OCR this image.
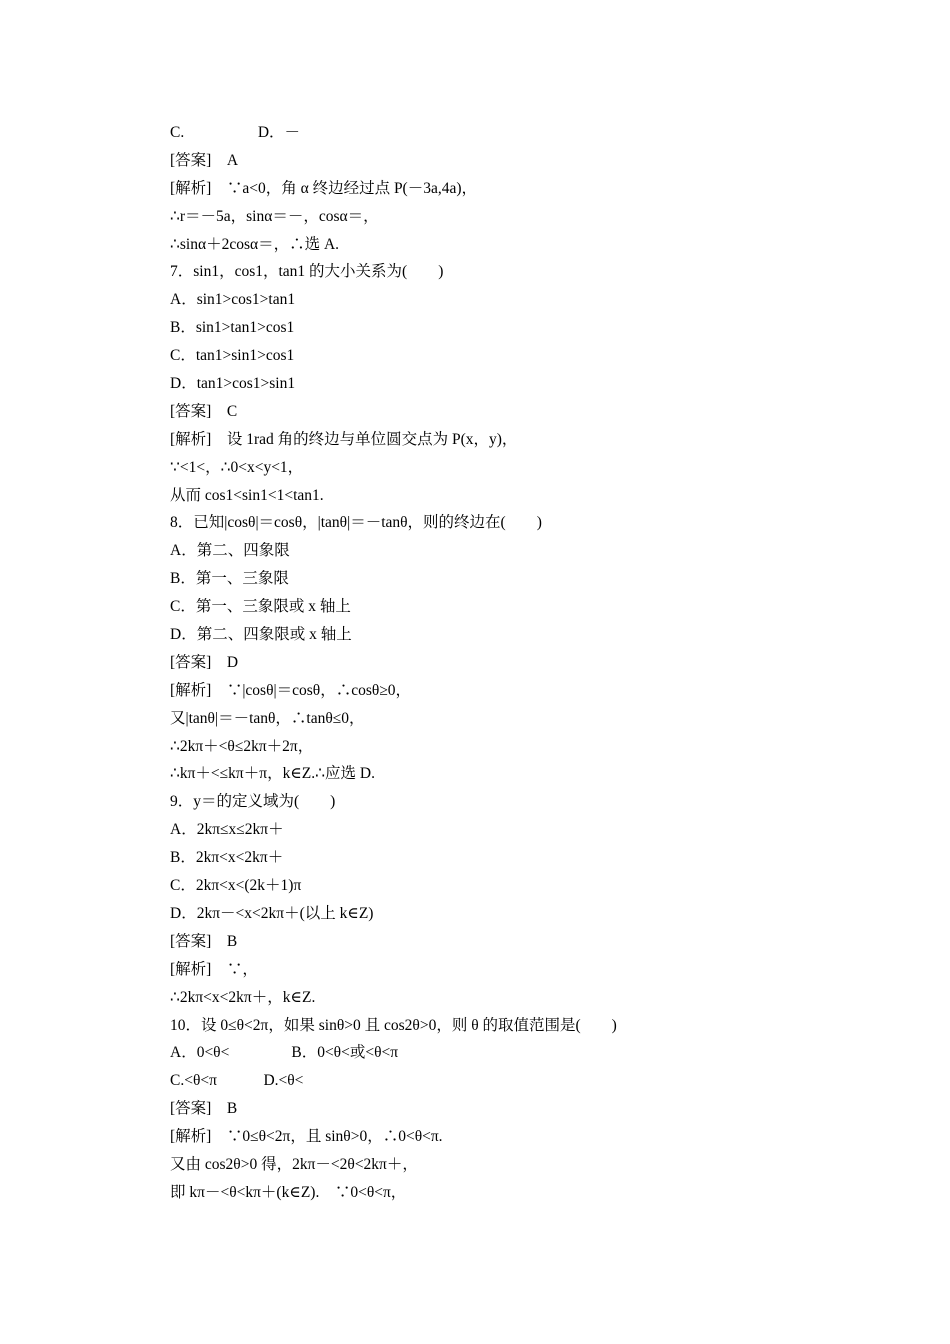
C.                   D．－
[答案]　A
[解析]　∵a<0，角 α 终边经过点 P(－3a,4a)，
∴r＝－5a，sinα＝－，cosα＝，
∴sinα＋2cosα＝，∴选 A.
7．sin1，cos1，tan1 的大小关系为(　　)
A．sin1>cos1>tan1
B．sin1>tan1>cos1
C．tan1>sin1>cos1
D．tan1>cos1>sin1
[答案]　C
[解析]　设 1rad 角的终边与单位圆交点为 P(x，y)，
∵<1<，∴0<x<y<1，
从而 cos1<sin1<1<tan1.
8．已知|cosθ|＝cosθ，|tanθ|＝－tanθ，则的终边在(　　)
A．第二、四象限
B．第一、三象限
C．第一、三象限或 x 轴上
D．第二、四象限或 x 轴上
[答案]　D
[解析]　∵|cosθ|＝cosθ，∴cosθ≥0，
又|tanθ|＝－tanθ，∴tanθ≤0，
∴2kπ＋<θ≤2kπ＋2π，
∴kπ＋<≤kπ＋π，k∈Z.∴应选 D.
9．y＝的定义域为(　　)
A．2kπ≤x≤2kπ＋
B．2kπ<x<2kπ＋
C．2kπ<x<(2k＋1)π
D．2kπ－<x<2kπ＋(以上 k∈Z)
[答案]　B
[解析]　∵，
∴2kπ<x<2kπ＋，k∈Z.
10．设 0≤θ<2π，如果 sinθ>0 且 cos2θ>0，则 θ 的取值范围是(　　)
A．0<θ<                B．0<θ<或<θ<π
C.<θ<π            D.<θ<
[答案]　B
[解析]　∵0≤θ<2π，且 sinθ>0，∴0<θ<π.
又由 cos2θ>0 得，2kπ－<2θ<2kπ＋，
即 kπ－<θ<kπ＋(k∈Z).　∵0<θ<π，
